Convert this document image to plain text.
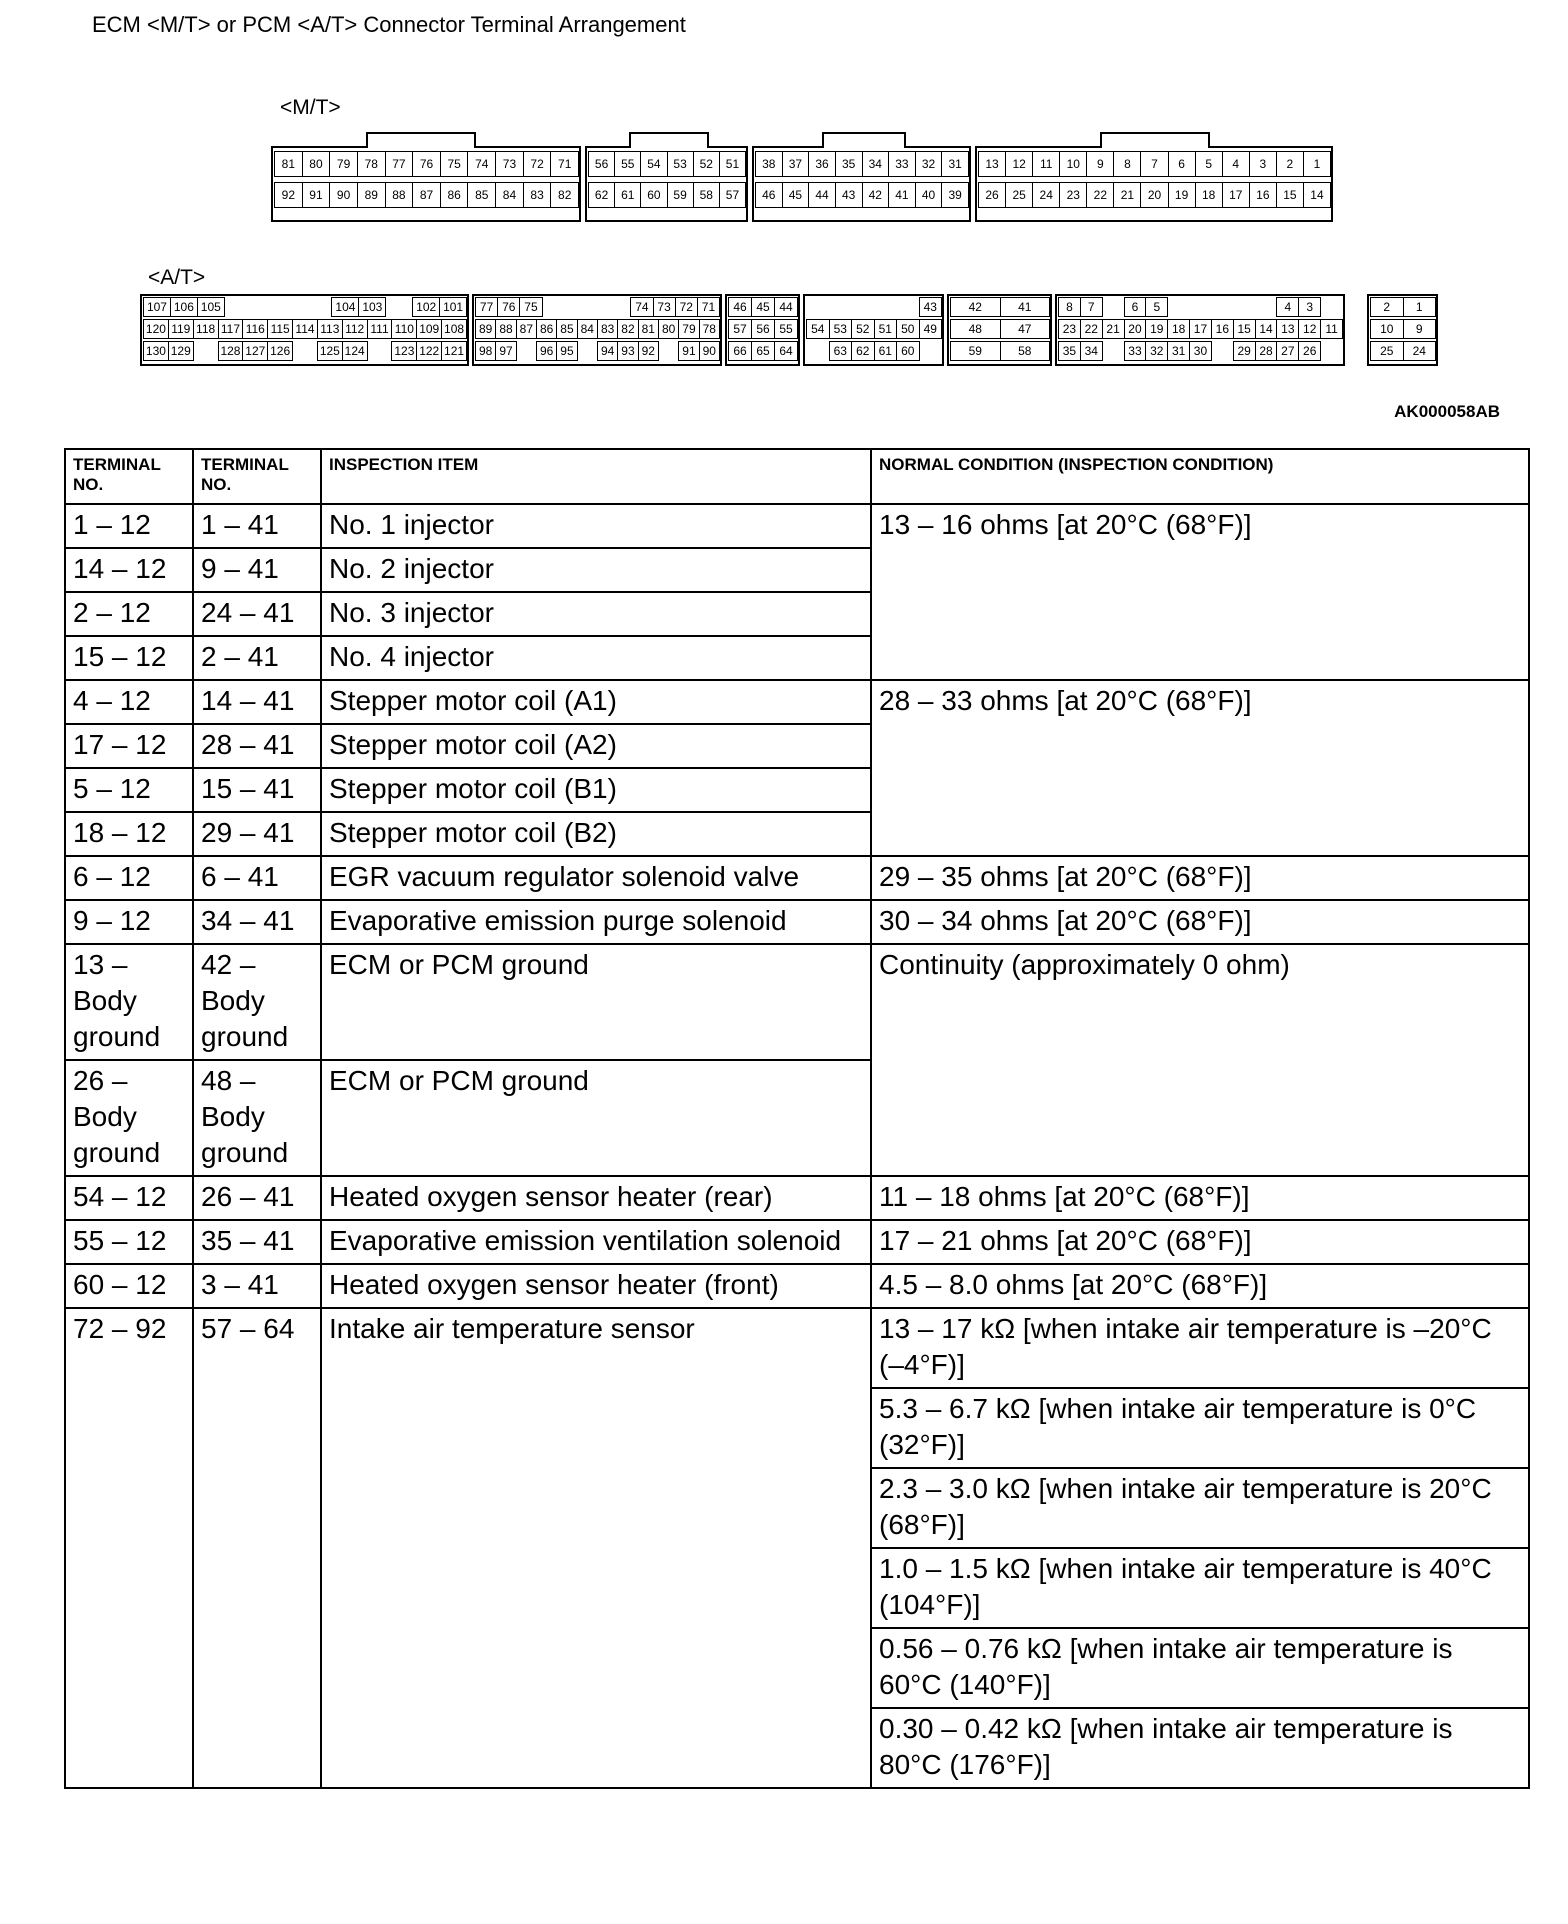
ECM <M/T> or PCM <A/T> Connector Terminal Arrangement
<M/T>
81	80	79	78	77	76	75	74	73	72	71
92	91	90	89	88	87	86	85	84	83	82
56	55	54	53	52	51
62	61	60	59	58	57
38	37	36	35	34	33	32	31
46	45	44	43	42	41	40	39
13	12	11	10	9	8	7	6	5	4	3	2	1
26	25	24	23	22	21	20	19	18	17	16	15	14
<A/T>
107 106 105	104 103	102 101
120 119 118 117 116 115 114 113 112 111 110 109 108
130 129 128 127 126 125 124 123 122 121
77 76 75	74 73 72 71
89 88 87 86 85 84 83 82 81 80 79 78
98 97	96 95	94 93 92	91 90
46 45 44
57 56 55
66 65 64
43
54 53 52 51 50 49
63 62 61 60
42	41
48	47
59	58
8	7	6	5	4	3
23 22 21 20 19 18 17 16 15 14 13 12 11
35 34	33 32 31 30	29 28 27 26
2	1
10	9
25	24
AK000058AB
TERMINAL NO.	TERMINAL NO.	INSPECTION ITEM	NORMAL CONDITION (INSPECTION CONDITION)
1 – 12	1 – 41	No. 1 injector	13 – 16 ohms [at 20°C (68°F)]
14 – 12	9 – 41	No. 2 injector	
2 – 12	24 – 41	No. 3 injector	
15 – 12	2 – 41	No. 4 injector	
4 – 12	14 – 41	Stepper motor coil (A1)	28 – 33 ohms [at 20°C (68°F)]
17 – 12	28 – 41	Stepper motor coil (A2)	
5 – 12	15 – 41	Stepper motor coil (B1)	
18 – 12	29 – 41	Stepper motor coil (B2)	
6 – 12	6 – 41	EGR vacuum regulator solenoid valve	29 – 35 ohms [at 20°C (68°F)]
9 – 12	34 – 41	Evaporative emission purge solenoid	30 – 34 ohms [at 20°C (68°F)]
13 – Body ground	42 – Body ground	ECM or PCM ground	Continuity (approximately 0 ohm)
26 – Body ground	48 – Body ground	ECM or PCM ground	
54 – 12	26 – 41	Heated oxygen sensor heater (rear)	11 – 18 ohms [at 20°C (68°F)]
55 – 12	35 – 41	Evaporative emission ventilation solenoid	17 – 21 ohms [at 20°C (68°F)]
60 – 12	3 – 41	Heated oxygen sensor heater (front)	4.5 – 8.0 ohms [at 20°C (68°F)]
72 – 92	57 – 64	Intake air temperature sensor	13 – 17 kΩ [when intake air temperature is –20°C (–4°F)]
			5.3 – 6.7 kΩ [when intake air temperature is 0°C (32°F)]
			2.3 – 3.0 kΩ [when intake air temperature is 20°C (68°F)]
			1.0 – 1.5 kΩ [when intake air temperature is 40°C (104°F)]
			0.56 – 0.76 kΩ [when intake air temperature is 60°C (140°F)]
			0.30 – 0.42 kΩ [when intake air temperature is 80°C (176°F)]
